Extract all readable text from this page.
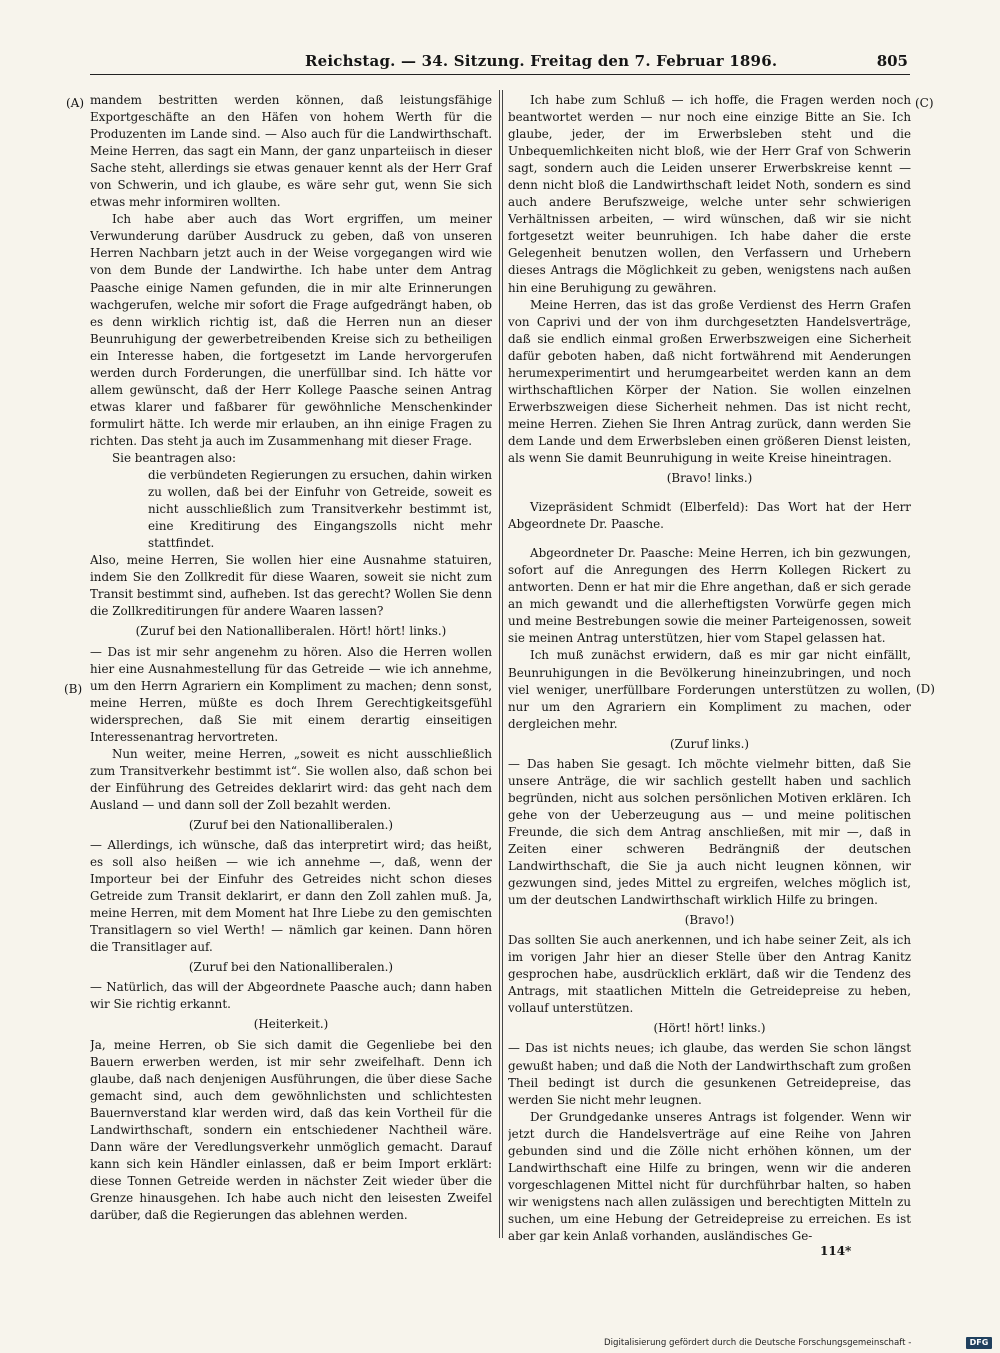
Reichstag. — 34. Sitzung. Freitag den 7. Februar 1896.	805
(A)
(B)
(C)
(D)

mandem bestritten werden können, daß leistungsfähige Exportgeschäfte an den Häfen von hohem Werth für die Produzenten im Lande sind. — Also auch für die Landwirthschaft. Meine Herren, das sagt ein Mann, der ganz unparteiisch in dieser Sache steht, allerdings sie etwas genauer kennt als der Herr Graf von Schwerin, und ich glaube, es wäre sehr gut, wenn Sie sich etwas mehr informiren wollten.

Ich habe aber auch das Wort ergriffen, um meiner Verwunderung darüber Ausdruck zu geben, daß von unseren Herren Nachbarn jetzt auch in der Weise vorgegangen wird wie von dem Bunde der Landwirthe. Ich habe unter dem Antrag Paasche einige Namen gefunden, die in mir alte Erinnerungen wachgerufen, welche mir sofort die Frage aufgedrängt haben, ob es denn wirklich richtig ist, daß die Herren nun an dieser Beunruhigung der gewerbetreibenden Kreise sich zu betheiligen ein Interesse haben, die fortgesetzt im Lande hervorgerufen werden durch Forderungen, die unerfüllbar sind. Ich hätte vor allem gewünscht, daß der Herr Kollege Paasche seinen Antrag etwas klarer und faßbarer für gewöhnliche Menschenkinder formulirt hätte. Ich werde mir erlauben, an ihn einige Fragen zu richten. Das steht ja auch im Zusammenhang mit dieser Frage.

Sie beantragen also:

die verbündeten Regierungen zu ersuchen, dahin wirken zu wollen, daß bei der Einfuhr von Getreide, soweit es nicht ausschließlich zum Transitverkehr bestimmt ist, eine Kreditirung des Eingangszolls nicht mehr stattfindet.

Also, meine Herren, Sie wollen hier eine Ausnahme statuiren, indem Sie den Zollkredit für diese Waaren, soweit sie nicht zum Transit bestimmt sind, aufheben. Ist das gerecht? Wollen Sie denn die Zollkreditirungen für andere Waaren lassen?

(Zuruf bei den Nationalliberalen. Hört! hört! links.)

— Das ist mir sehr angenehm zu hören. Also die Herren wollen hier eine Ausnahmestellung für das Getreide — wie ich annehme, um den Herrn Agrariern ein Kompliment zu machen; denn sonst, meine Herren, müßte es doch Ihrem Gerechtigkeitsgefühl widersprechen, daß Sie mit einem derartig einseitigen Interessenantrag hervortreten.

Nun weiter, meine Herren, „soweit es nicht ausschließlich zum Transitverkehr bestimmt ist“. Sie wollen also, daß schon bei der Einführung des Getreides deklarirt wird: das geht nach dem Ausland — und dann soll der Zoll bezahlt werden.

(Zuruf bei den Nationalliberalen.)

— Allerdings, ich wünsche, daß das interpretirt wird; das heißt, es soll also heißen — wie ich annehme —, daß, wenn der Importeur bei der Einfuhr des Getreides nicht schon dieses Getreide zum Transit deklarirt, er dann den Zoll zahlen muß. Ja, meine Herren, mit dem Moment hat Ihre Liebe zu den gemischten Transitlagern so viel Werth! — nämlich gar keinen. Dann hören die Transitlager auf.

(Zuruf bei den Nationalliberalen.)

— Natürlich, das will der Abgeordnete Paasche auch; dann haben wir Sie richtig erkannt.

(Heiterkeit.)

Ja, meine Herren, ob Sie sich damit die Gegenliebe bei den Bauern erwerben werden, ist mir sehr zweifelhaft. Denn ich glaube, daß nach denjenigen Ausführungen, die über diese Sache gemacht sind, auch dem gewöhnlichsten und schlichtesten Bauernverstand klar werden wird, daß das kein Vortheil für die Landwirthschaft, sondern ein entschiedener Nachtheil wäre. Dann wäre der Veredlungsverkehr unmöglich gemacht. Darauf kann sich kein Händler einlassen, daß er beim Import erklärt: diese Tonnen Getreide werden in nächster Zeit wieder über die Grenze hinausgehen. Ich habe auch nicht den leisesten Zweifel darüber, daß die Regierungen das ablehnen werden.

Ich habe zum Schluß — ich hoffe, die Fragen werden noch beantwortet werden — nur noch eine einzige Bitte an Sie. Ich glaube, jeder, der im Erwerbsleben steht und die Unbequemlichkeiten nicht bloß, wie der Herr Graf von Schwerin sagt, sondern auch die Leiden unserer Erwerbskreise kennt — denn nicht bloß die Landwirthschaft leidet Noth, sondern es sind auch andere Berufszweige, welche unter sehr schwierigen Verhältnissen arbeiten, — wird wünschen, daß wir sie nicht fortgesetzt weiter beunruhigen. Ich habe daher die erste Gelegenheit benutzen wollen, den Verfassern und Urhebern dieses Antrags die Möglichkeit zu geben, wenigstens nach außen hin eine Beruhigung zu gewähren.

Meine Herren, das ist das große Verdienst des Herrn Grafen von Caprivi und der von ihm durchgesetzten Handelsverträge, daß sie endlich einmal großen Erwerbszweigen eine Sicherheit dafür geboten haben, daß nicht fortwährend mit Aenderungen herumexperimentirt und herumgearbeitet werden kann an dem wirthschaftlichen Körper der Nation. Sie wollen einzelnen Erwerbszweigen diese Sicherheit nehmen. Das ist nicht recht, meine Herren. Ziehen Sie Ihren Antrag zurück, dann werden Sie dem Lande und dem Erwerbsleben einen größeren Dienst leisten, als wenn Sie damit Beunruhigung in weite Kreise hineintragen.

(Bravo! links.)

Vizepräsident Schmidt (Elberfeld): Das Wort hat der Herr Abgeordnete Dr. Paasche.

Abgeordneter Dr. Paasche: Meine Herren, ich bin gezwungen, sofort auf die Anregungen des Herrn Kollegen Rickert zu antworten. Denn er hat mir die Ehre angethan, daß er sich gerade an mich gewandt und die allerheftigsten Vorwürfe gegen mich und meine Bestrebungen sowie die meiner Parteigenossen, soweit sie meinen Antrag unterstützen, hier vom Stapel gelassen hat.

Ich muß zunächst erwidern, daß es mir gar nicht einfällt, Beunruhigungen in die Bevölkerung hineinzubringen, und noch viel weniger, unerfüllbare Forderungen unterstützen zu wollen, nur um den Agrariern ein Kompliment zu machen, oder dergleichen mehr.

(Zuruf links.)

— Das haben Sie gesagt. Ich möchte vielmehr bitten, daß Sie unsere Anträge, die wir sachlich gestellt haben und sachlich begründen, nicht aus solchen persönlichen Motiven erklären. Ich gehe von der Ueberzeugung aus — und meine politischen Freunde, die sich dem Antrag anschließen, mit mir —, daß in Zeiten einer schweren Bedrängniß der deutschen Landwirthschaft, die Sie ja auch nicht leugnen können, wir gezwungen sind, jedes Mittel zu ergreifen, welches möglich ist, um der deutschen Landwirthschaft wirklich Hilfe zu bringen.

(Bravo!)

Das sollten Sie auch anerkennen, und ich habe seiner Zeit, als ich im vorigen Jahr hier an dieser Stelle über den Antrag Kanitz gesprochen habe, ausdrücklich erklärt, daß wir die Tendenz des Antrags, mit staatlichen Mitteln die Getreidepreise zu heben, vollauf unterstützen.

(Hört! hört! links.)

— Das ist nichts neues; ich glaube, das werden Sie schon längst gewußt haben; und daß die Noth der Landwirthschaft zum großen Theil bedingt ist durch die gesunkenen Getreidepreise, das werden Sie nicht mehr leugnen.

Der Grundgedanke unseres Antrags ist folgender. Wenn wir jetzt durch die Handelsverträge auf eine Reihe von Jahren gebunden sind und die Zölle nicht erhöhen können, um der Landwirthschaft eine Hilfe zu bringen, wenn wir die anderen vorgeschlagenen Mittel nicht für durchführbar halten, so haben wir wenigstens nach allen zulässigen und berechtigten Mitteln zu suchen, um eine Hebung der Getreidepreise zu erreichen. Es ist aber gar kein Anlaß vorhanden, ausländisches Ge-

114*
Digitalisierung gefördert durch die Deutsche Forschungsgemeinschaft -	DFG
